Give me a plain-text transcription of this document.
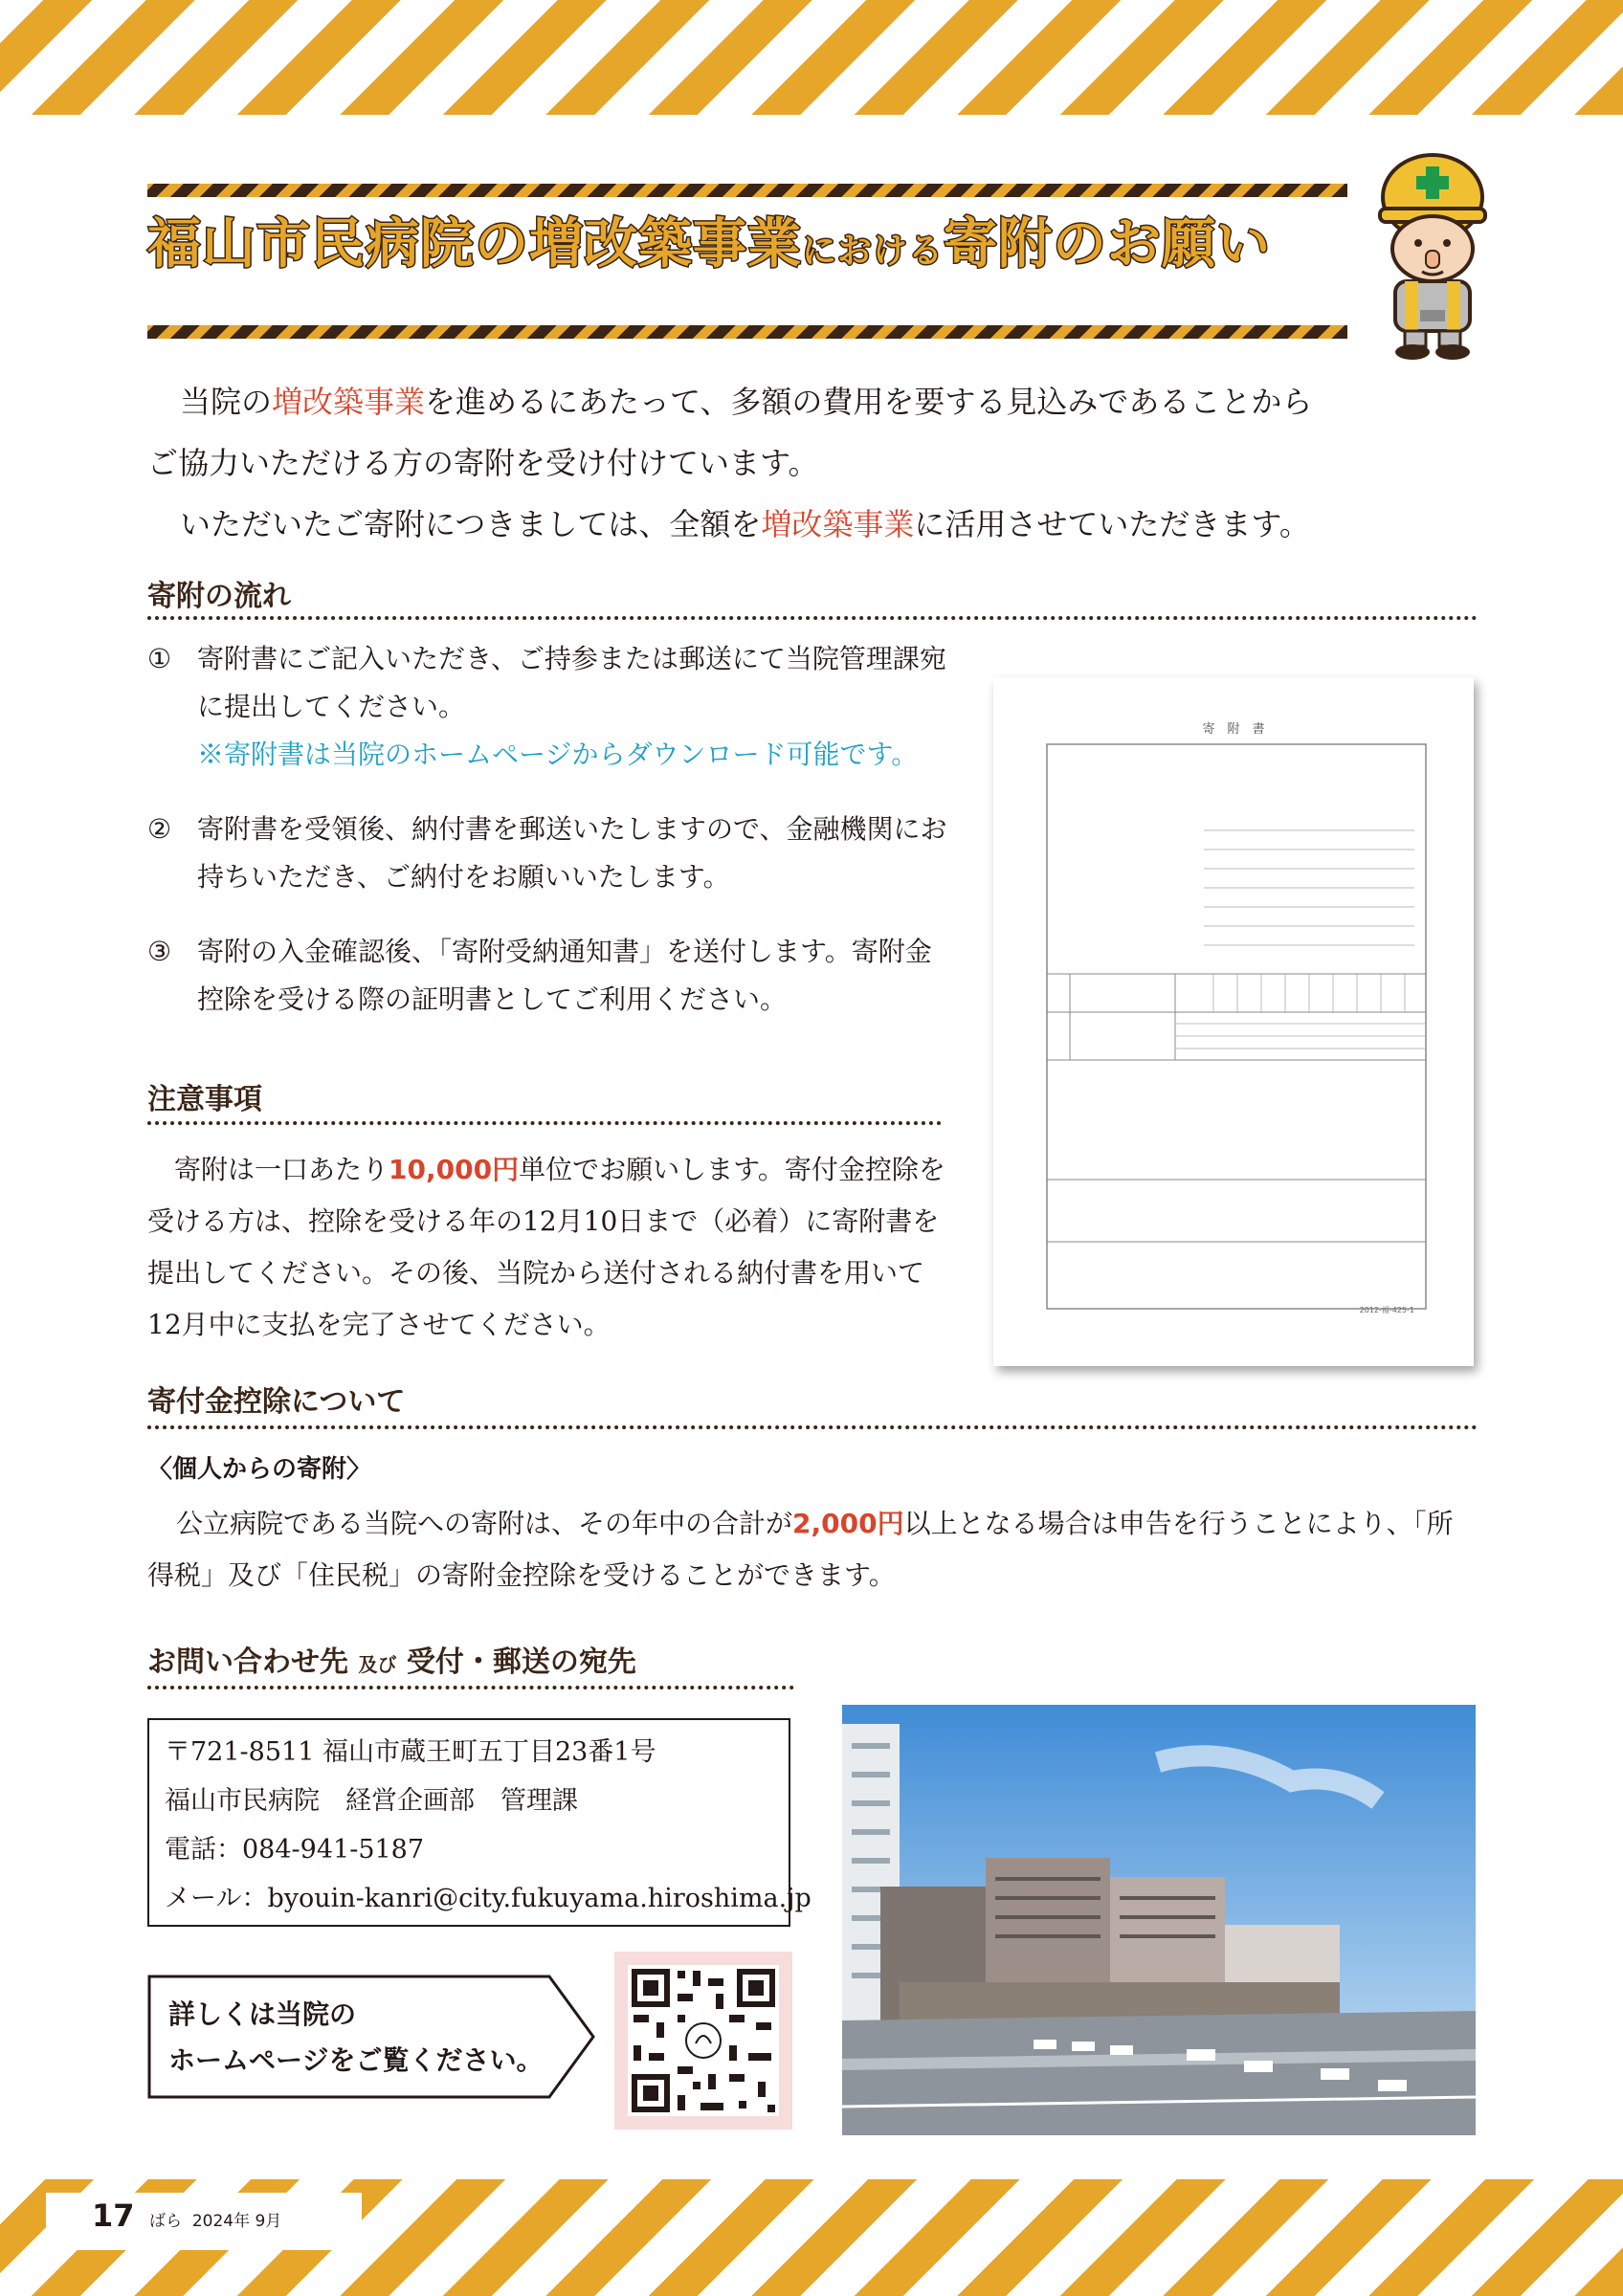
福山市民病院の増改築事業における寄附のお願い

当院の増改築事業を進めるにあたって、多額の費用を要する見込みであることから

ご協力いただける方の寄附を受け付けています。

いただいたご寄附につきましては、全額を増改築事業に活用させていただきます。

寄附の流れ
① 寄附書にご記入いただき、ご持参または郵送にて当院管理課宛に提出してください。
※寄附書は当院のホームページからダウンロード可能です。
② 寄附書を受領後、納付書を郵送いたしますので、金融機関にお持ちいただき、ご納付をお願いいたします。
③ 寄附の入金確認後、「寄附受納通知書」を送付します。寄附金控除を受ける際の証明書としてご利用ください。
寄　附　書
2012-福-425-1
注意事項
寄附は一口あたり10,000円単位でお願いします。寄付金控除を受ける方は、控除を受ける年の12月10日まで（必着）に寄附書を提出してください。その後、当院から送付される納付書を用いて12月中に支払を完了させてください。
寄付金控除について
〈個人からの寄附〉
公立病院である当院への寄附は、その年中の合計が2,000円以上となる場合は申告を行うことにより、「所得税」及び「住民税」の寄附金控除を受けることができます。
お問い合わせ先 及び 受付・郵送の宛先
〒721-8511 福山市蔵王町五丁目23番1号
福山市民病院　経営企画部　管理課
電話：084-941-5187
メール：byouin-kanri@city.fukuyama.hiroshima.jp
詳しくは当院の
ホームページをご覧ください。
17 ばら 2024年 9月
